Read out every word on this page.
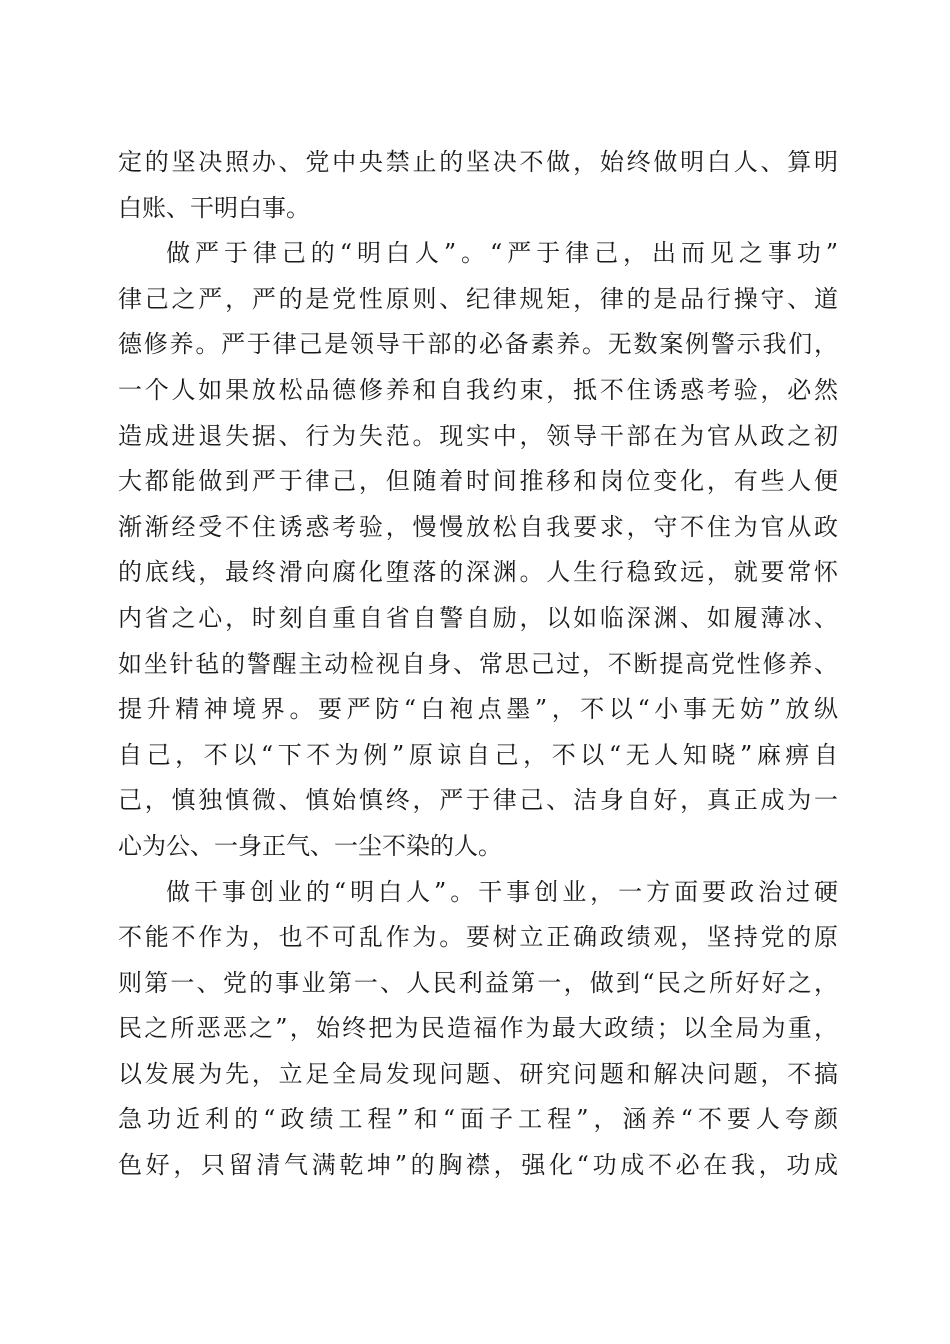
定的坚决照办、党中央禁止的坚决不做，始终做明白人、算明
白账、干明白事。
做严于律己的“明白人”。“严于律己，出而见之事功”
律己之严，严的是党性原则、纪律规矩，律的是品行操守、道
德修养。严于律己是领导干部的必备素养。无数案例警示我们，
一个人如果放松品德修养和自我约束，抵不住诱惑考验，必然
造成进退失据、行为失范。现实中，领导干部在为官从政之初
大都能做到严于律己，但随着时间推移和岗位变化，有些人便
渐渐经受不住诱惑考验，慢慢放松自我要求，守不住为官从政
的底线，最终滑向腐化堕落的深渊。人生行稳致远，就要常怀
内省之心，时刻自重自省自警自励，以如临深渊、如履薄冰、
如坐针毡的警醒主动检视自身、常思己过，不断提高党性修养、
提升精神境界。要严防“白袍点墨”，不以“小事无妨”放纵
自己，不以“下不为例”原谅自己，不以“无人知晓”麻痹自
己，慎独慎微、慎始慎终，严于律己、洁身自好，真正成为一
心为公、一身正气、一尘不染的人。
做干事创业的“明白人”。干事创业，一方面要政治过硬
不能不作为，也不可乱作为。要树立正确政绩观，坚持党的原
则第一、党的事业第一、人民利益第一，做到“民之所好好之，
民之所恶恶之”，始终把为民造福作为最大政绩；以全局为重，
以发展为先，立足全局发现问题、研究问题和解决问题，不搞
急功近利的“政绩工程”和“面子工程”，涵养“不要人夸颜
色好，只留清气满乾坤”的胸襟，强化“功成不必在我，功成
